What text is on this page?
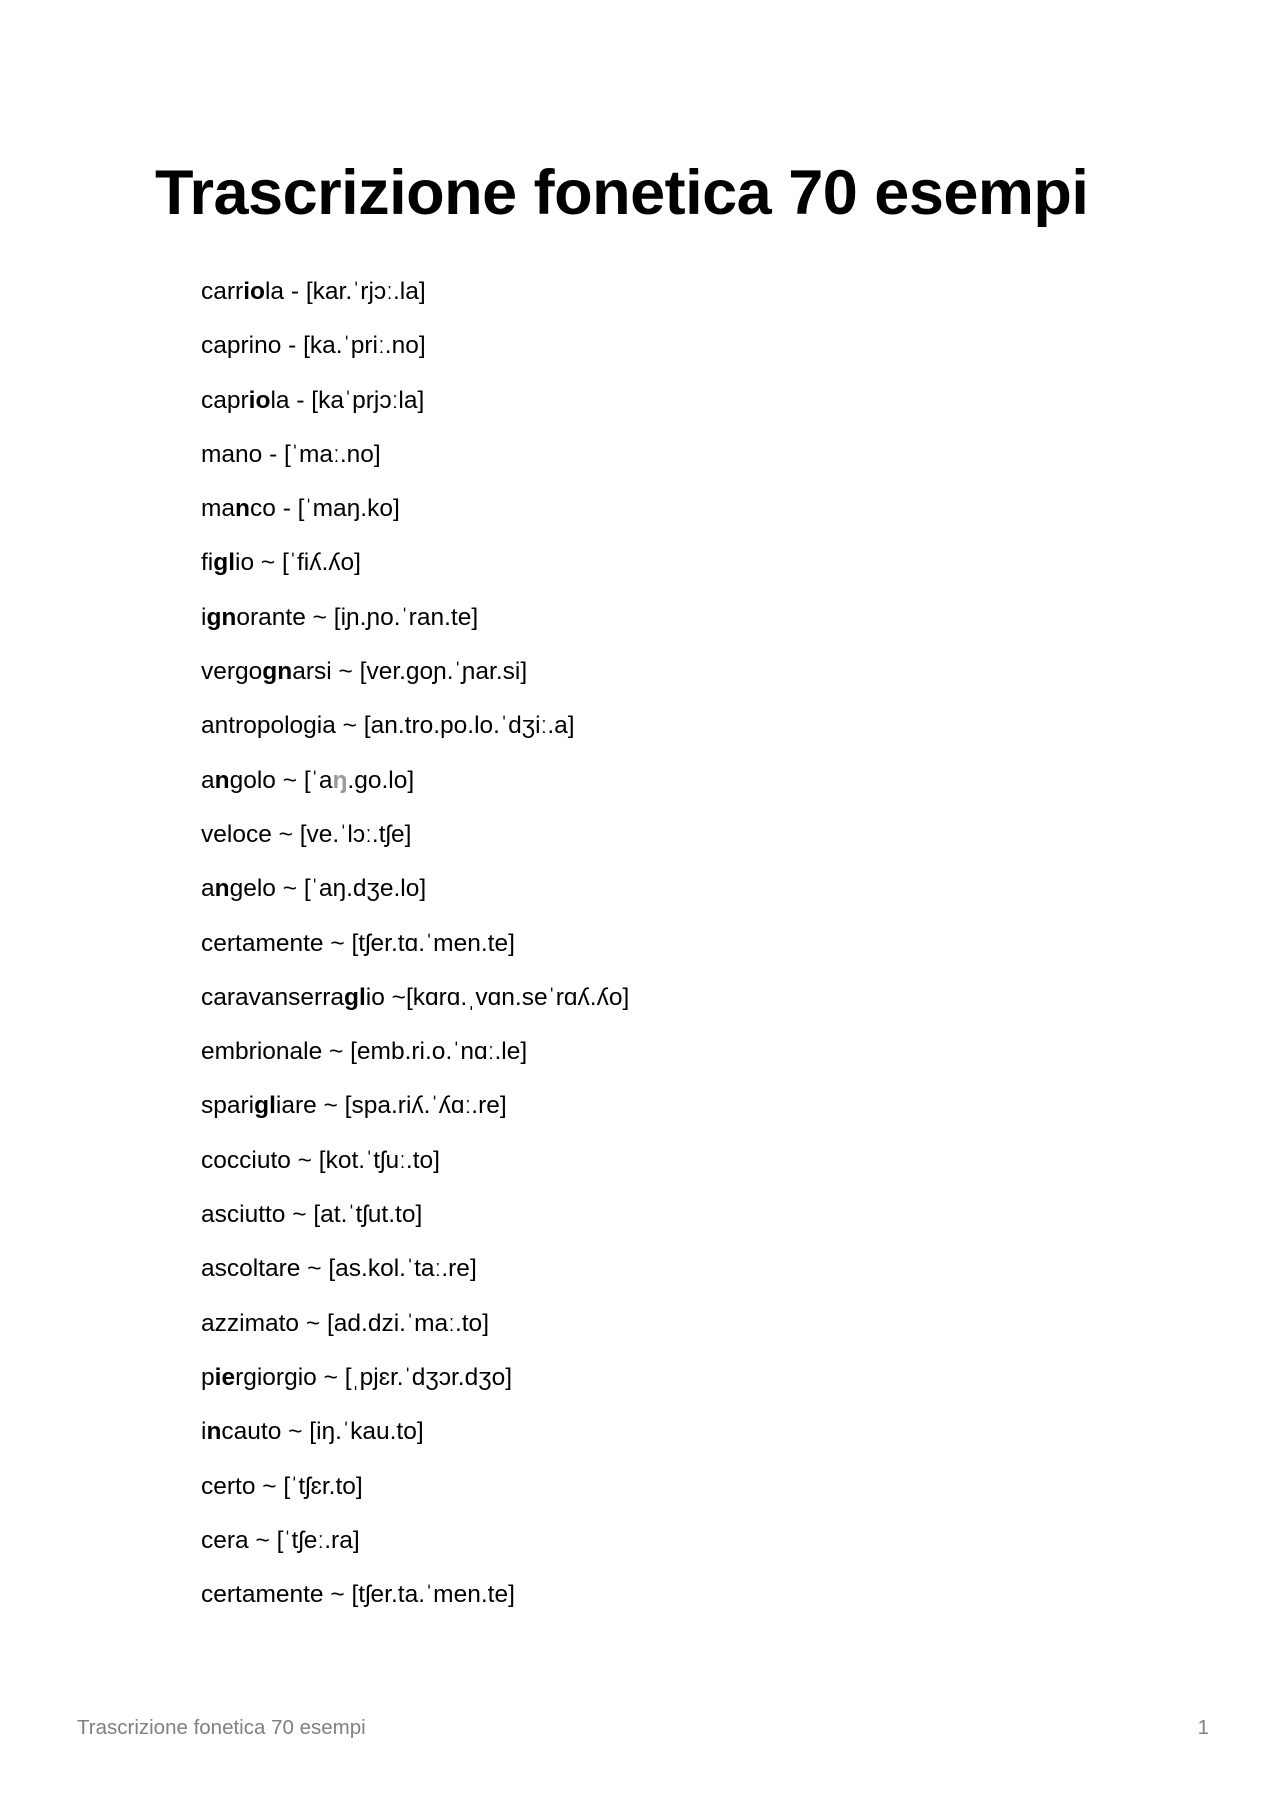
Trascrizione fonetica 70 esempi
carriola - [kar.ˈrjɔː.la]
caprino - [ka.ˈpriː.no]
capriola - [kaˈprjɔːla]
mano - [ˈmaː.no]
manco - [ˈmaŋ.ko]
figlio ~ [ˈfiʎ.ʎo]
ignorante ~ [iɲ.ɲo.ˈran.te]
vergognarsi ~ [ver.goɲ.ˈɲar.si]
antropologia ~ [an.tro.po.lo.ˈdʒiː.a]
angolo ~ [ˈaŋ.go.lo]
veloce ~ [ve.ˈlɔː.tʃe]
angelo ~ [ˈaŋ.dʒe.lo]
certamente ~ [tʃer.tɑ.ˈmen.te]
caravanserraglio ~[kɑrɑ.ˌvɑn.seˈrɑʎ.ʎo]
embrionale ~ [emb.ri.o.ˈnɑː.le]
sparigliare ~ [spa.riʎ.ˈʎɑː.re]
cocciuto ~ [kot.ˈtʃuː.to]
asciutto ~ [at.ˈtʃut.to]
ascoltare ~ [as.kol.ˈtaː.re]
azzimato ~ [ad.dzi.ˈmaː.to]
piergiorgio ~ [ˌpjɛr.ˈdʒɔr.dʒo]
incauto ~ [iŋ.ˈkau.to]
certo ~ [ˈtʃɛr.to]
cera ~ [ˈtʃeː.ra]
certamente ~ [tʃer.ta.ˈmen.te]
Trascrizione fonetica 70 esempi	1
